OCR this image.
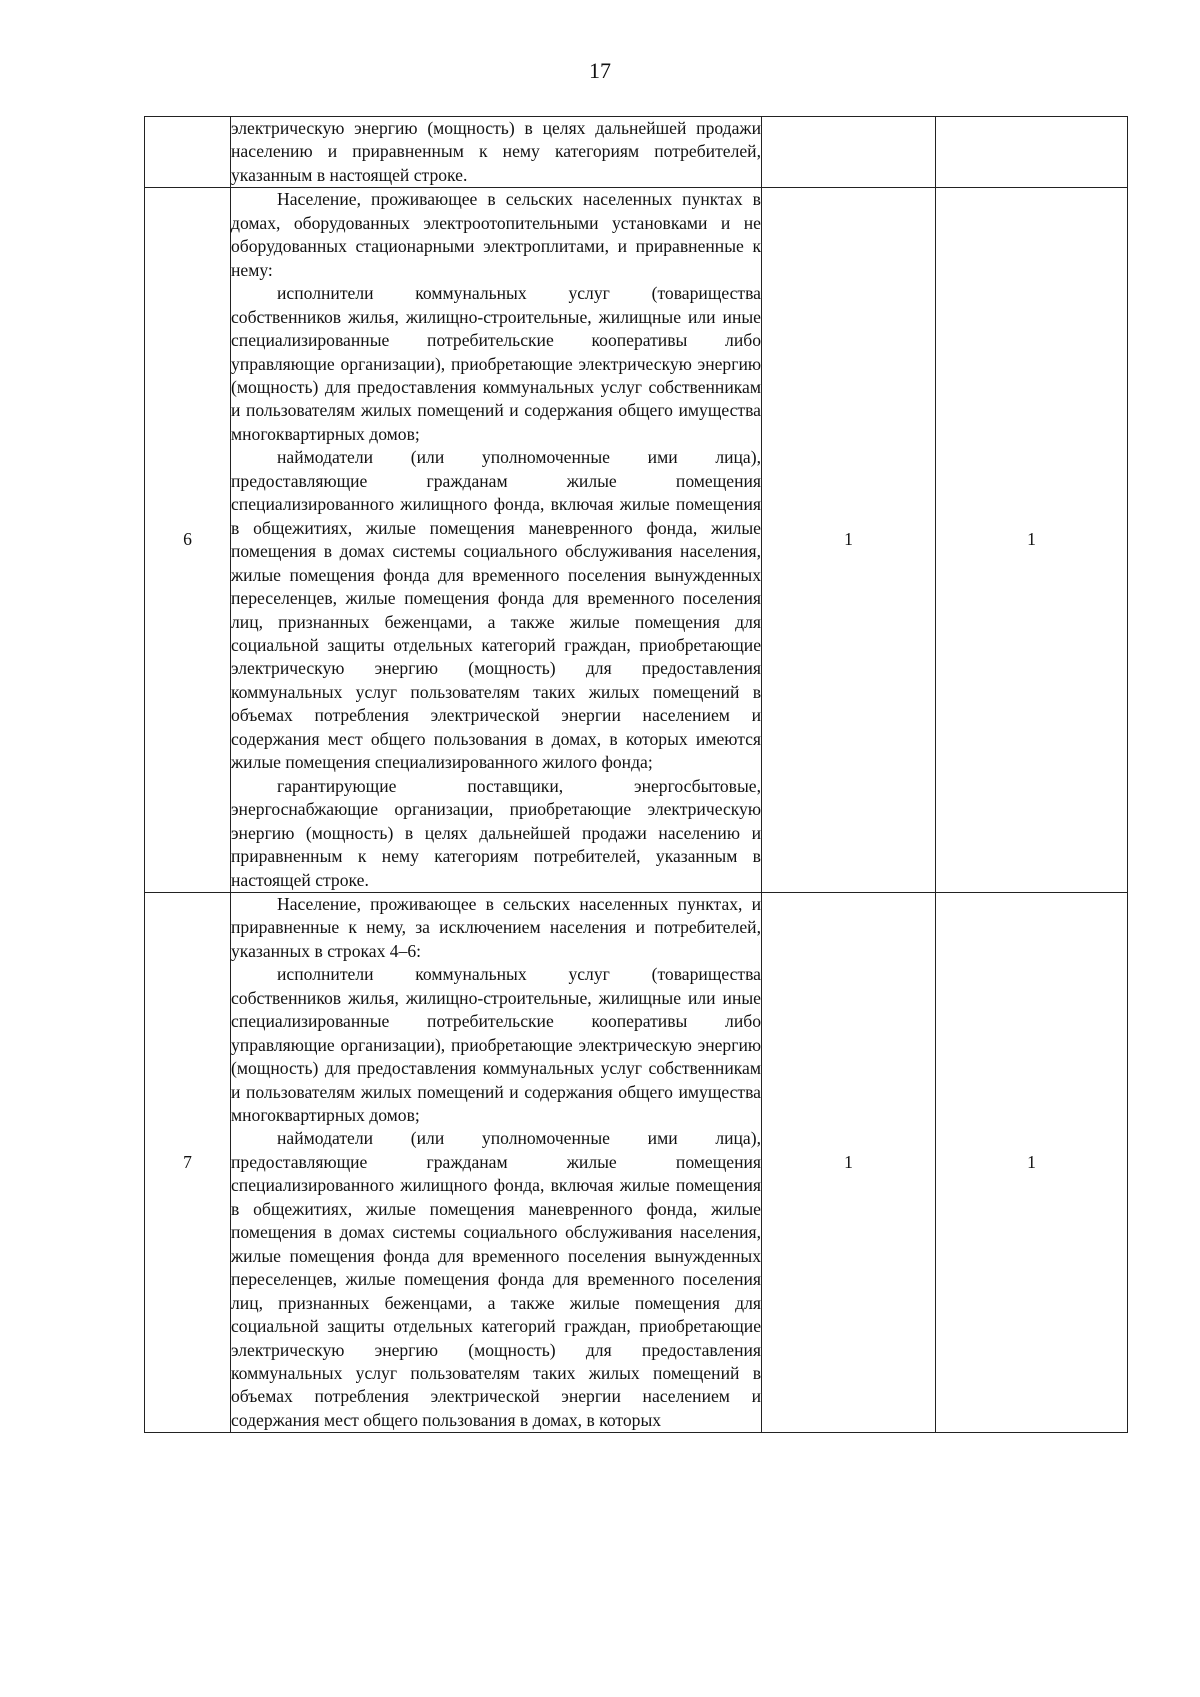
17

	электрическую энергию (мощность) в целях дальнейшей продажи населению и приравненным к нему категориям потребителей, указанным в настоящей строке.		

6	Население, проживающее в сельских населенных пунктах в домах, оборудованных электроотопительными установками и не оборудованных стационарными электроплитами, и приравненные к нему:

исполнители коммунальных услуг (товарищества собственников жилья, жилищно-строительные, жилищные или иные специализированные потребительские кооперативы либо управляющие организации), приобретающие электрическую энергию (мощность) для предоставления коммунальных услуг собственникам и пользователям жилых помещений и содержания общего имущества многоквартирных домов;

наймодатели (или уполномоченные ими лица), предоставляющие гражданам жилые помещения специализированного жилищного фонда, включая жилые помещения в общежитиях, жилые помещения маневренного фонда, жилые помещения в домах системы социального обслуживания населения, жилые помещения фонда для временного поселения вынужденных переселенцев, жилые помещения фонда для временного поселения лиц, признанных беженцами, а также жилые помещения для социальной защиты отдельных категорий граждан, приобретающие электрическую энергию (мощность) для предоставления коммунальных услуг пользователям таких жилых помещений в объемах потребления электрической энергии населением и содержания мест общего пользования в домах, в которых имеются жилые помещения специализированного жилого фонда;

гарантирующие поставщики, энергосбытовые, энергоснабжающие организации, приобретающие электрическую энергию (мощность) в целях дальнейшей продажи населению и приравненным к нему категориям потребителей, указанным в настоящей строке.	1	1
7	Население, проживающее в сельских населенных пунктах, и приравненные к нему, за исключением населения и потребителей, указанных в строках 4–6:

исполнители коммунальных услуг (товарищества собственников жилья, жилищно-строительные, жилищные или иные специализированные потребительские кооперативы либо управляющие организации), приобретающие электрическую энергию (мощность) для предоставления коммунальных услуг собственникам и пользователям жилых помещений и содержания общего имущества многоквартирных домов;

наймодатели (или уполномоченные ими лица), предоставляющие гражданам жилые помещения специализированного жилищного фонда, включая жилые помещения в общежитиях, жилые помещения маневренного фонда, жилые помещения в домах системы социального обслуживания населения, жилые помещения фонда для временного поселения вынужденных переселенцев, жилые помещения фонда для временного поселения лиц, признанных беженцами, а также жилые помещения для социальной защиты отдельных категорий граждан, приобретающие электрическую энергию (мощность) для предоставления коммунальных услуг пользователям таких жилых помещений в объемах потребления электрической энергии населением и содержания мест общего пользования в домах, в которых	1	1
